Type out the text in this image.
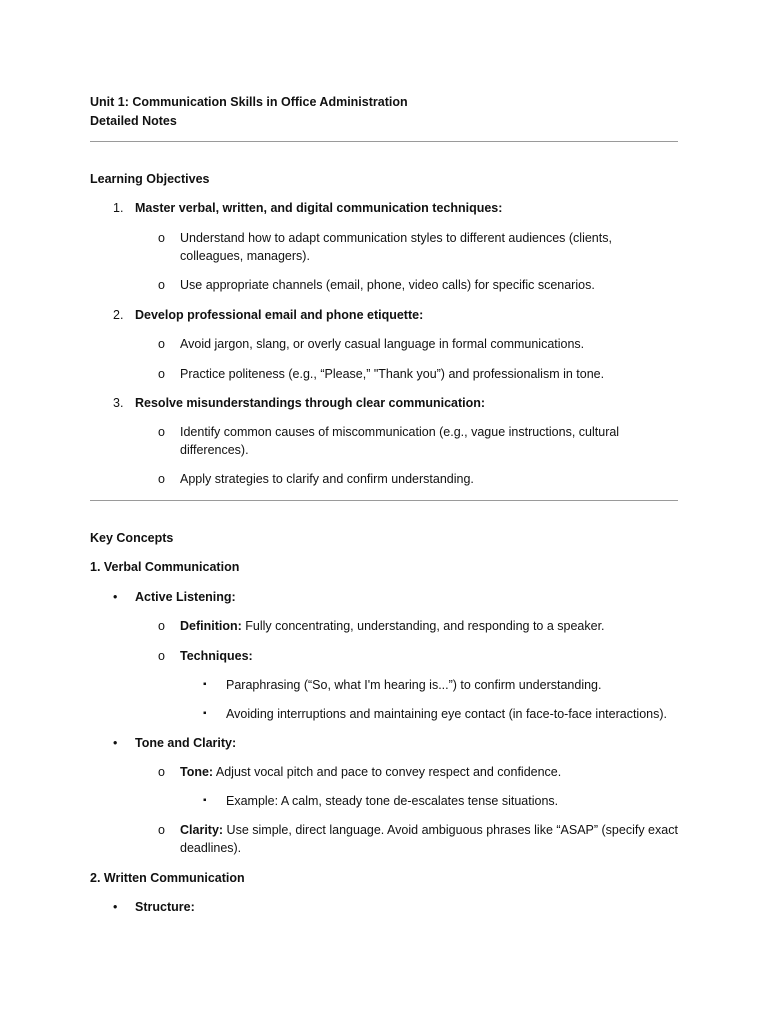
Unit 1: Communication Skills in Office Administration
Detailed Notes
Learning Objectives
1. Master verbal, written, and digital communication techniques:
o Understand how to adapt communication styles to different audiences (clients,
colleagues, managers).
o Use appropriate channels (email, phone, video calls) for specific scenarios.
2. Develop professional email and phone etiquette:
o Avoid jargon, slang, or overly casual language in formal communications.
o Practice politeness (e.g., “Please,” "Thank you”) and professionalism in tone.
3. Resolve misunderstandings through clear communication:
o Identify common causes of miscommunication (e.g., vague instructions, cultural
differences).
o Apply strategies to clarify and confirm understanding.
Key Concepts
1. Verbal Communication
• Active Listening:
o Definition: Fully concentrating, understanding, and responding to a speaker.
o Techniques:
▪ Paraphrasing (“So, what I'm hearing is...”) to confirm understanding.
▪ Avoiding interruptions and maintaining eye contact (in face-to-face interactions).
• Tone and Clarity:
o Tone: Adjust vocal pitch and pace to convey respect and confidence.
▪ Example: A calm, steady tone de-escalates tense situations.
o Clarity: Use simple, direct language. Avoid ambiguous phrases like “ASAP” (specify exact
deadlines).
2. Written Communication
• Structure:
